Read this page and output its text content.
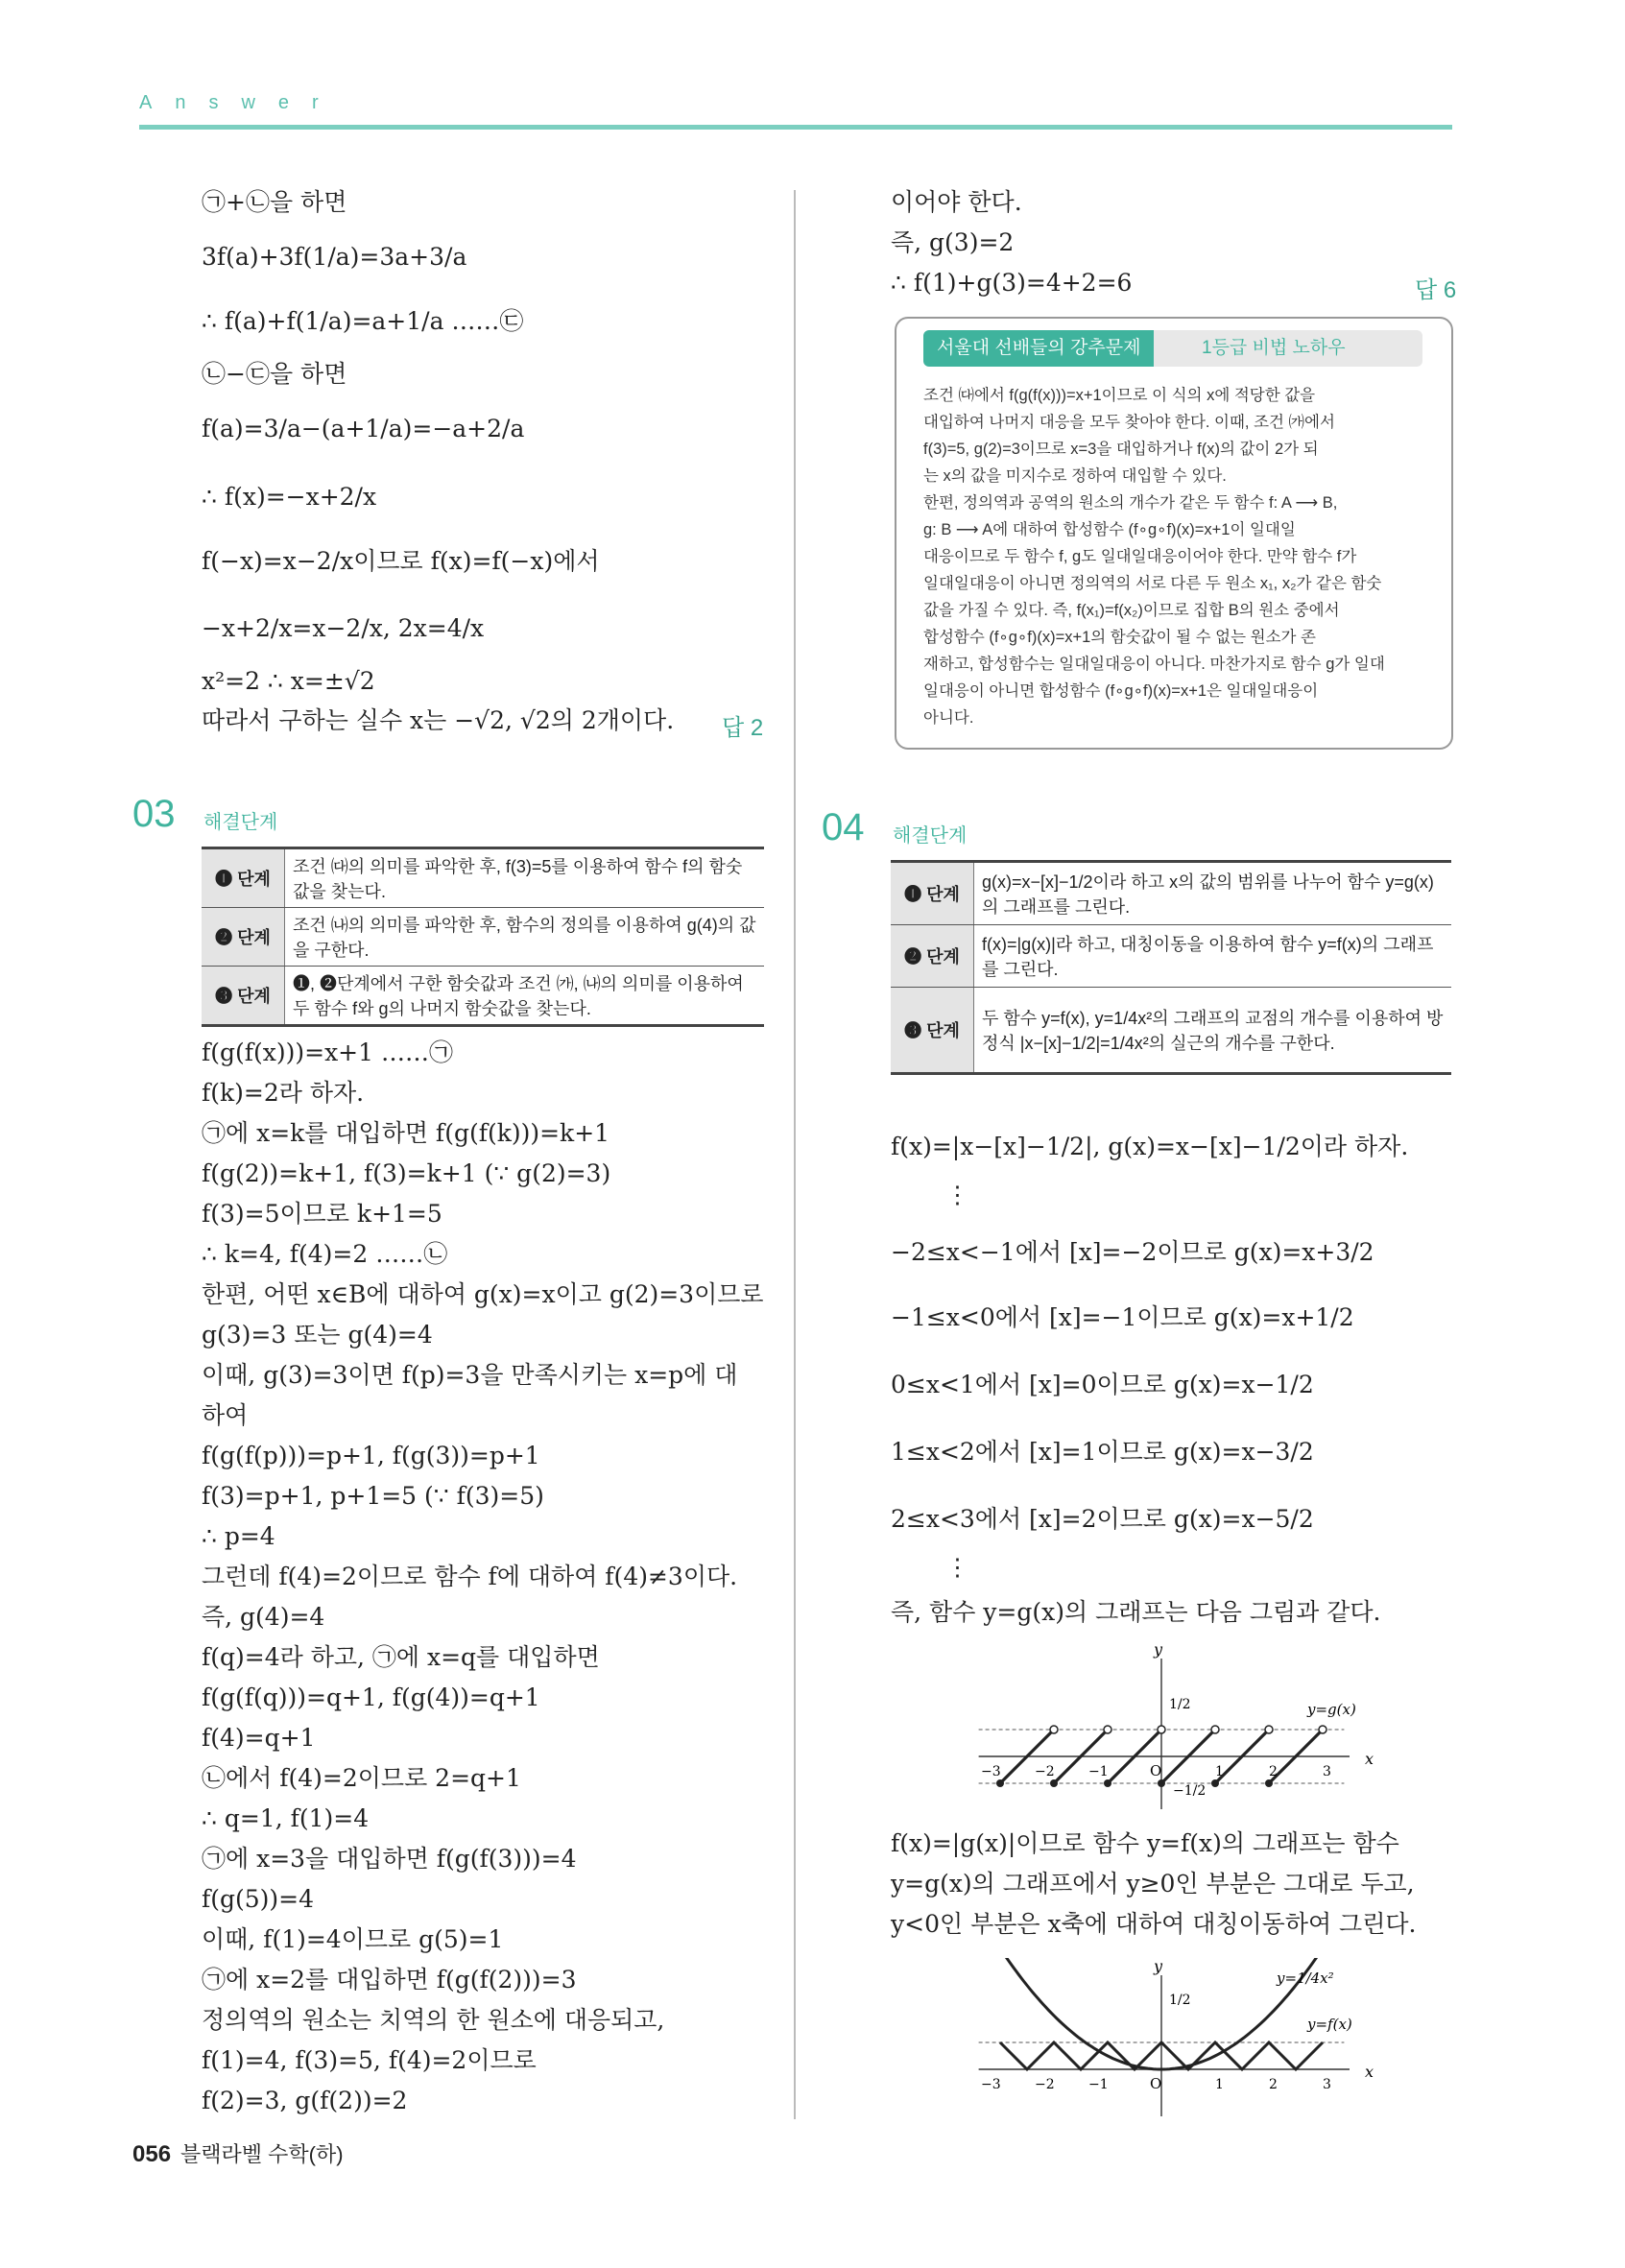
Answer
㉠+㉡을 하면
3f(a)+3f(1/a)=3a+3/a
∴ f(a)+f(1/a)=a+1/a ……㉢
㉡−㉢을 하면
f(a)=3/a−(a+1/a)=−a+2/a
∴ f(x)=−x+2/x
f(−x)=x−2/x이므로 f(x)=f(−x)에서
−x+2/x=x−2/x, 2x=4/x
x²=2 ∴ x=±√2
따라서 구하는 실수 x는 −√2, √2의 2개이다. 답 2
이어야 한다.
즉, g(3)=2
∴ f(1)+g(3)=4+2=6	답 6
서울대 선배들의 강추문제	1등급 비법 노하우
조건 ㈐에서 f(g(f(x)))=x+1이므로 이 식의 x에 적당한 값을
대입하여 나머지 대응을 모두 찾아야 한다. 이때, 조건 ㈎에서
f(3)=5, g(2)=3이므로 x=3을 대입하거나 f(x)의 값이 2가 되
는 x의 값을 미지수로 정하여 대입할 수 있다.
한편, 정의역과 공역의 원소의 개수가 같은 두 함수 f: A ⟶ B,
g: B ⟶ A에 대하여 합성함수 (f∘g∘f)(x)=x+1이 일대일
대응이므로 두 함수 f, g도 일대일대응이어야 한다. 만약 함수 f가
일대일대응이 아니면 정의역의 서로 다른 두 원소 x₁, x₂가 같은 함숫
값을 가질 수 있다. 즉, f(x₁)=f(x₂)이므로 집합 B의 원소 중에서
합성함수 (f∘g∘f)(x)=x+1의 함숫값이 될 수 없는 원소가 존
재하고, 합성함수는 일대일대응이 아니다. 마찬가지로 함수 g가 일대
일대응이 아니면 합성함수 (f∘g∘f)(x)=x+1은 일대일대응이
아니다.
03 해결단계
❶ 단계	조건 ㈐의 의미를 파악한 후, f(3)=5를 이용하여 함수 f의 함숫값을 찾는다.
❷ 단계	조건 ㈏의 의미를 파악한 후, 함수의 정의를 이용하여 g(4)의 값을 구한다.
❸ 단계	❶, ❷단계에서 구한 함숫값과 조건 ㈎, ㈏의 의미를 이용하여 두 함수 f와 g의 나머지 함숫값을 찾는다.
f(g(f(x)))=x+1 ……㉠
f(k)=2라 하자.
㉠에 x=k를 대입하면 f(g(f(k)))=k+1
f(g(2))=k+1, f(3)=k+1 (∵ g(2)=3)
f(3)=5이므로 k+1=5
∴ k=4, f(4)=2 ……㉡
한편, 어떤 x∈B에 대하여 g(x)=x이고 g(2)=3이므로
g(3)=3 또는 g(4)=4
이때, g(3)=3이면 f(p)=3을 만족시키는 x=p에 대
하여
f(g(f(p)))=p+1, f(g(3))=p+1
f(3)=p+1, p+1=5 (∵ f(3)=5)
∴ p=4
그런데 f(4)=2이므로 함수 f에 대하여 f(4)≠3이다.
즉, g(4)=4
f(q)=4라 하고, ㉠에 x=q를 대입하면
f(g(f(q)))=q+1, f(g(4))=q+1
f(4)=q+1
㉡에서 f(4)=2이므로 2=q+1
∴ q=1, f(1)=4
㉠에 x=3을 대입하면 f(g(f(3)))=4
f(g(5))=4
이때, f(1)=4이므로 g(5)=1
㉠에 x=2를 대입하면 f(g(f(2)))=3
정의역의 원소는 치역의 한 원소에 대응되고,
f(1)=4, f(3)=5, f(4)=2이므로
f(2)=3, g(f(2))=2
04 해결단계
❶ 단계	g(x)=x−[x]−1/2이라 하고 x의 값의 범위를 나누어 함수 y=g(x)의 그래프를 그린다.
❷ 단계	f(x)=|g(x)|라 하고, 대칭이동을 이용하여 함수 y=f(x)의 그래프를 그린다.
❸ 단계	두 함수 y=f(x), y=1/4x²의 그래프의 교점의 개수를 이용하여 방정식 |x−[x]−1/2|=1/4x²의 실근의 개수를 구한다.
f(x)=|x−[x]−1/2|, g(x)=x−[x]−1/2이라 하자.
⋮
−2≤x<−1에서 [x]=−2이므로 g(x)=x+3/2
−1≤x<0에서 [x]=−1이므로 g(x)=x+1/2
0≤x<1에서 [x]=0이므로 g(x)=x−1/2
1≤x<2에서 [x]=1이므로 g(x)=x−3/2
2≤x<3에서 [x]=2이므로 g(x)=x−5/2
⋮
즉, 함수 y=g(x)의 그래프는 다음 그림과 같다.
y
x
O
1/2
−1/2
y=g(x)
−3	−2	−1	1	2	3
f(x)=|g(x)|이므로 함수 y=f(x)의 그래프는 함수
y=g(x)의 그래프에서 y≥0인 부분은 그대로 두고,
y<0인 부분은 x축에 대하여 대칭이동하여 그린다.
y
x
O
1/2
y=1/4x²
y=f(x)
−3	−2	−1	1	2	3
056 블랙라벨 수학(하)
